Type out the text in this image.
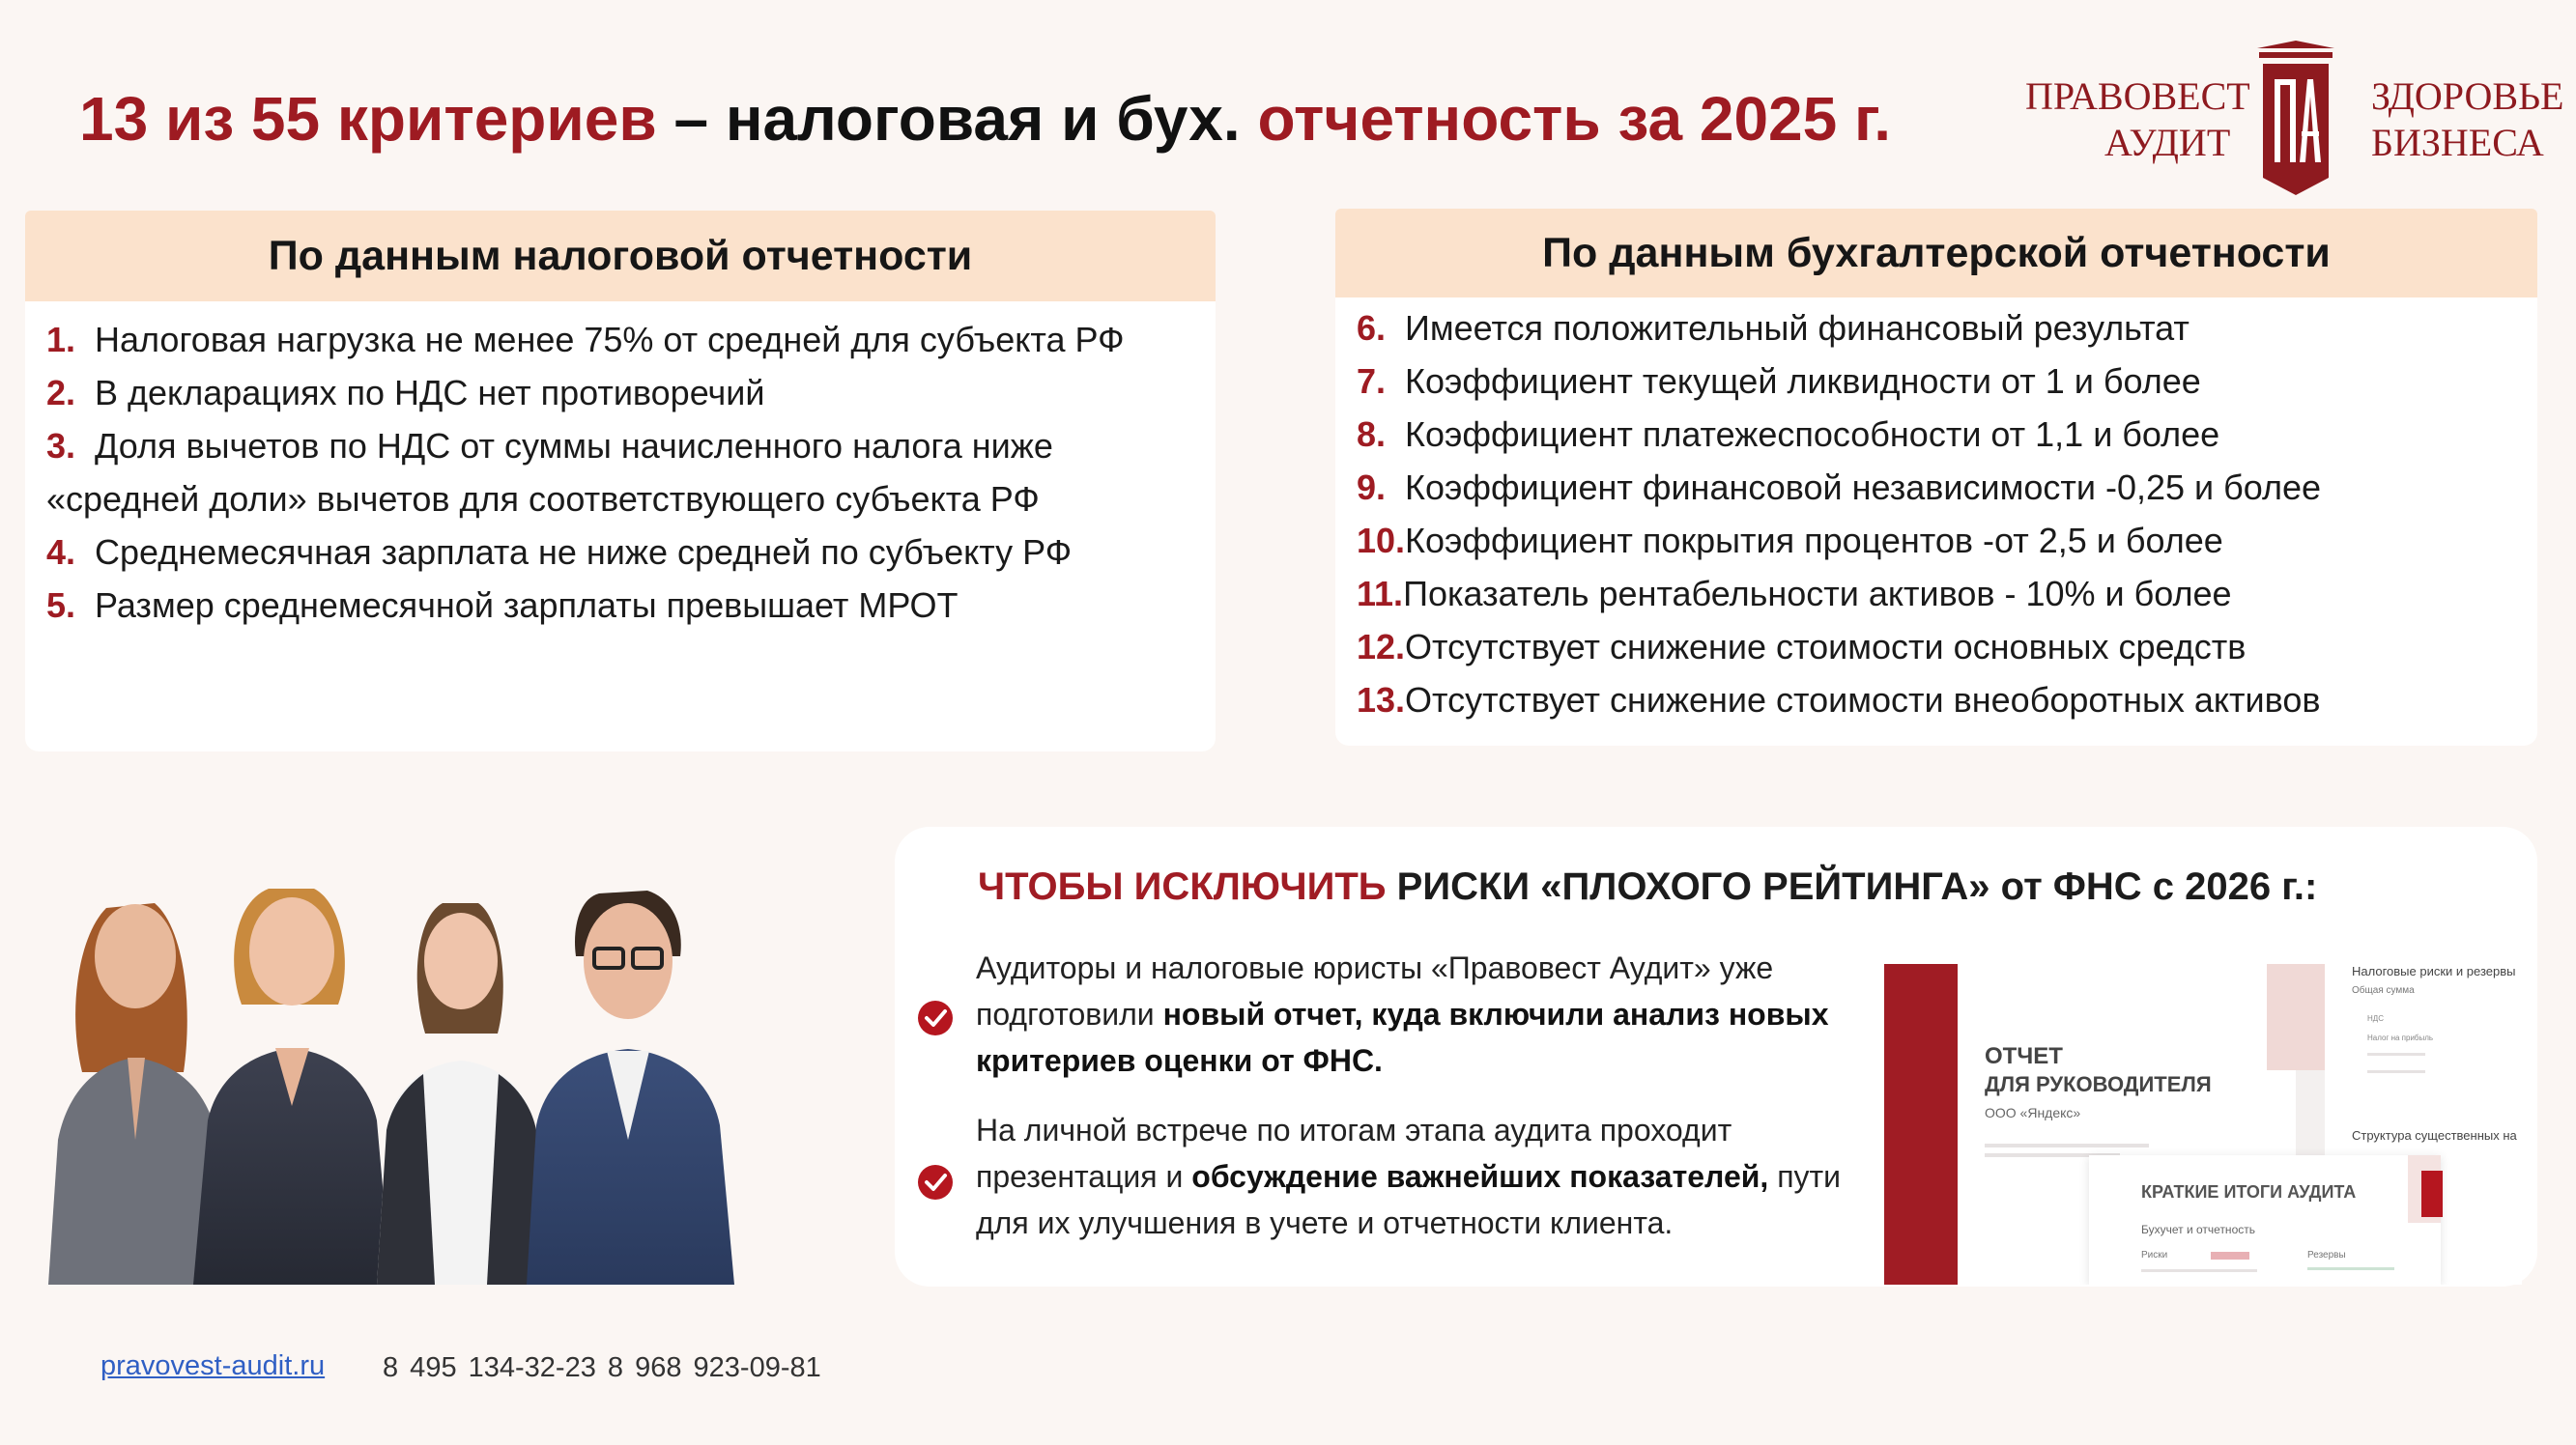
13 из 55 критериев – налоговая и бух. отчетность за 2025 г.	ПРАВОВЕСТ
АУДИТ
ЗДОРОВЬЕ
БИЗНЕСА
По данным налоговой отчетности
1. Налоговая нагрузка не менее 75% от средней для субъекта РФ
2. В декларациях по НДС нет противоречий
3. Доля вычетов по НДС от суммы начисленного налога ниже
«средней доли» вычетов для соответствующего субъекта РФ
4. Среднемесячная зарплата не ниже средней по субъекту РФ
5. Размер среднемесячной зарплаты превышает МРОТ
По данным бухгалтерской отчетности
6. Имеется положительный финансовый результат
7. Коэффициент текущей ликвидности от 1 и более
8. Коэффициент платежеспособности от 1,1 и более
9. Коэффициент финансовой независимости -0,25 и более
10.Коэффициент покрытия процентов -от 2,5 и более
11.Показатель рентабельности активов - 10% и более
12.Отсутствует снижение стоимости основных средств
13.Отсутствует снижение стоимости внеоборотных активов
ЧТОБЫ ИСКЛЮЧИТЬ РИСКИ «ПЛОХОГО РЕЙТИНГА» от ФНС с 2026 г.:
Аудиторы и налоговые юристы «Правовест Аудит» уже подготовили новый отчет, куда включили анализ новых критериев оценки от ФНС.
На личной встрече по итогам этапа аудита проходит презентация и обсуждение важнейших показателей, пути для их улучшения в учете и отчетности клиента.
ОТЧЕТ
ДЛЯ РУКОВОДИТЕЛЯ
ООО «Яндекс»
Налоговые риски и резервы
Общая сумма
НДС
Налог на прибыль
Структура существенных на
КРАТКИЕ ИТОГИ АУДИТА
Бухучет и отчетность
Риски	Резервы
pravovest-audit.ru 8 495 134-32-23 8 968 923-09-81
